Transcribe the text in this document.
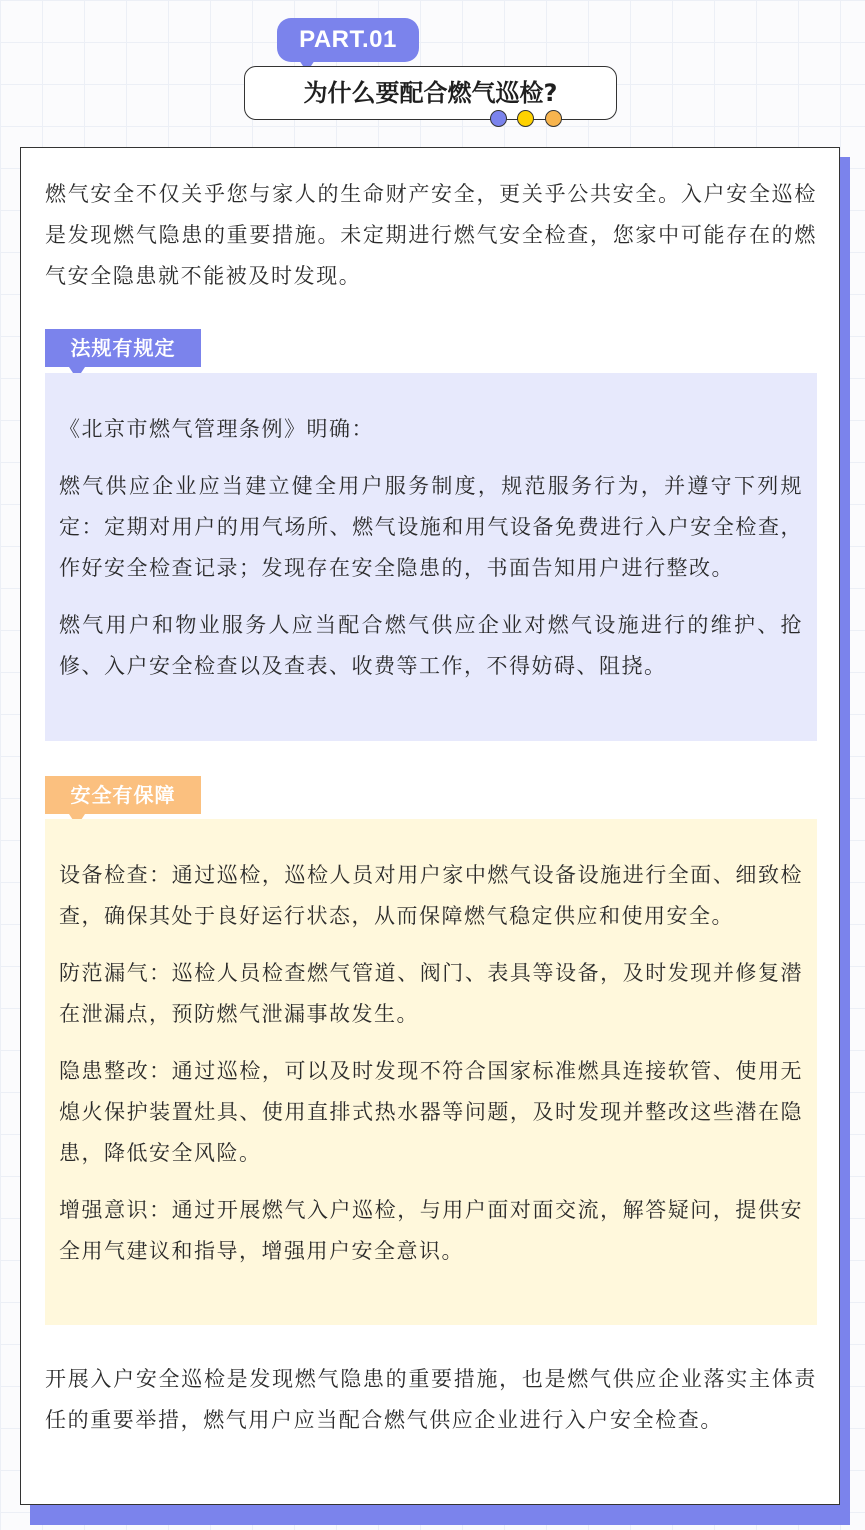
PART.01
为什么要配合燃气巡检?

燃气安全不仅关乎您与家人的生命财产安全，更关乎公共安全。入户安全巡检是发现燃气隐患的重要措施。未定期进行燃气安全检查，您家中可能存在的燃气安全隐患就不能被及时发现。

法规有规定

《北京市燃气管理条例》明确：

燃气供应企业应当建立健全用户服务制度，规范服务行为，并遵守下列规定：定期对用户的用气场所、燃气设施和用气设备免费进行入户安全检查，作好安全检查记录；发现存在安全隐患的，书面告知用户进行整改。

燃气用户和物业服务人应当配合燃气供应企业对燃气设施进行的维护、抢修、入户安全检查以及查表、收费等工作，不得妨碍、阻挠。

安全有保障

设备检查：通过巡检，巡检人员对用户家中燃气设备设施进行全面、细致检查，确保其处于良好运行状态，从而保障燃气稳定供应和使用安全。

防范漏气：巡检人员检查燃气管道、阀门、表具等设备，及时发现并修复潜在泄漏点，预防燃气泄漏事故发生。

隐患整改：通过巡检，可以及时发现不符合国家标准燃具连接软管、使用无熄火保护装置灶具、使用直排式热水器等问题，及时发现并整改这些潜在隐患，降低安全风险。

增强意识：通过开展燃气入户巡检，与用户面对面交流，解答疑问，提供安全用气建议和指导，增强用户安全意识。

开展入户安全巡检是发现燃气隐患的重要措施，也是燃气供应企业落实主体责任的重要举措，燃气用户应当配合燃气供应企业进行入户安全检查。
